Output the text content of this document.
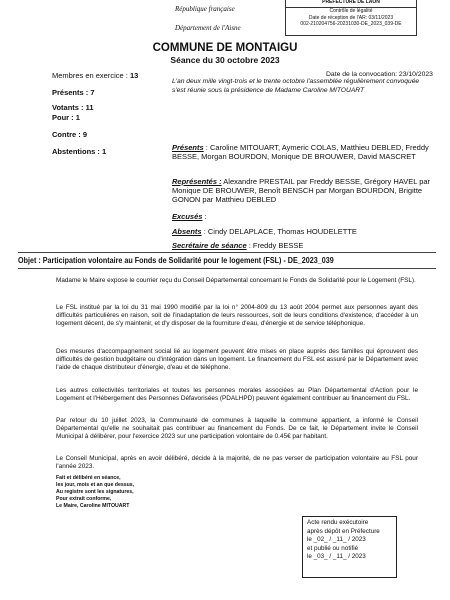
République française
Département de l'Aisne
PRÉFECTURE DE LAON
Contrôle de légalité
Date de réception de l'AR: 03/11/2023
002-210204756-20231030-DE_2023_039-DE
COMMUNE DE MONTAIGU
Séance du 30 octobre 2023
Membres en exercice : 13
Présents : 7
Votants : 11
Pour : 1
Contre : 9
Abstentions : 1
Date de la convocation: 23/10/2023
L'an deux mille vingt-trois et le trente octobre l'assemblée régulièrement convoquée s'est réunie sous la présidence de Madame Caroline MITOUART
Présents : Caroline MITOUART, Aymeric COLAS, Matthieu DEBLED, Freddy BESSE, Morgan BOURDON, Monique DE BROUWER, David MASCRET
Représentés : Alexandre PRESTAIL par Freddy BESSE, Grégory HAVEL par Monique DE BROUWER, Benoît BENSCH par Morgan BOURDON, Brigitte GONON par Matthieu DEBLED
Excusés :
Absents : Cindy DELAPLACE, Thomas HOUDELETTE
Secrétaire de séance : Freddy BESSE
Objet : Participation volontaire au Fonds de Solidarité pour le logement (FSL) - DE_2023_039
Madame le Maire expose le courrier reçu du Conseil Départemental concernant le Fonds de Solidarité pour le Logement (FSL).
Le FSL institué par la loi du 31 mai 1990 modifié par la loi n° 2004-809 du 13 août 2004 permet aux personnes ayant des difficultés particulières en raison, soit de l'inadaptation de leurs ressources, soit de leurs conditions d'existence, d'accéder à un logement décent, de s'y maintenir, et d'y disposer de la fourniture d'eau, d'énergie et de service téléphonique.
Des mesures d'accompagnement social lié au logement peuvent être mises en place auprès des familles qui éprouvent des difficultés de gestion budgétaire ou d'intégration dans un logement. Le financement du FSL est assuré par le Département avec l'aide de chaque distributeur d'énergie, d'eau et de téléphone.
Les autres collectivités territoriales et toutes les personnes morales associées au Plan Départemental d'Action pour le Logement et l'Hébergement des Personnes Défavorisées (PDALHPD) peuvent également contribuer au financement du FSL.
Par retour du 10 juillet 2023, la Communauté de communes à laquelle la commune appartient, a informé le Conseil Départemental qu'elle ne souhaitait pas contribuer au financement du Fonds. De ce fait, le Département invite le Conseil Municipal à délibérer, pour l'exercice 2023 sur une participation volontaire de 0.45€ par habitant.
Le Conseil Municipal, après en avoir délibéré, décide à la majorité, de ne pas verser de participation volontaire au FSL pour l'année 2023.
Fait et délibéré en séance,
les jour, mois et an que dessus,
Au registre sont les signatures,
Pour extrait conforme,
Le Maire, Caroline MITOUART
Acte rendu exécutoire
après dépôt en Préfecture
le _02_ / _11_ / 2023
et publié ou notifié
le _03_ / _11_ / 2023
